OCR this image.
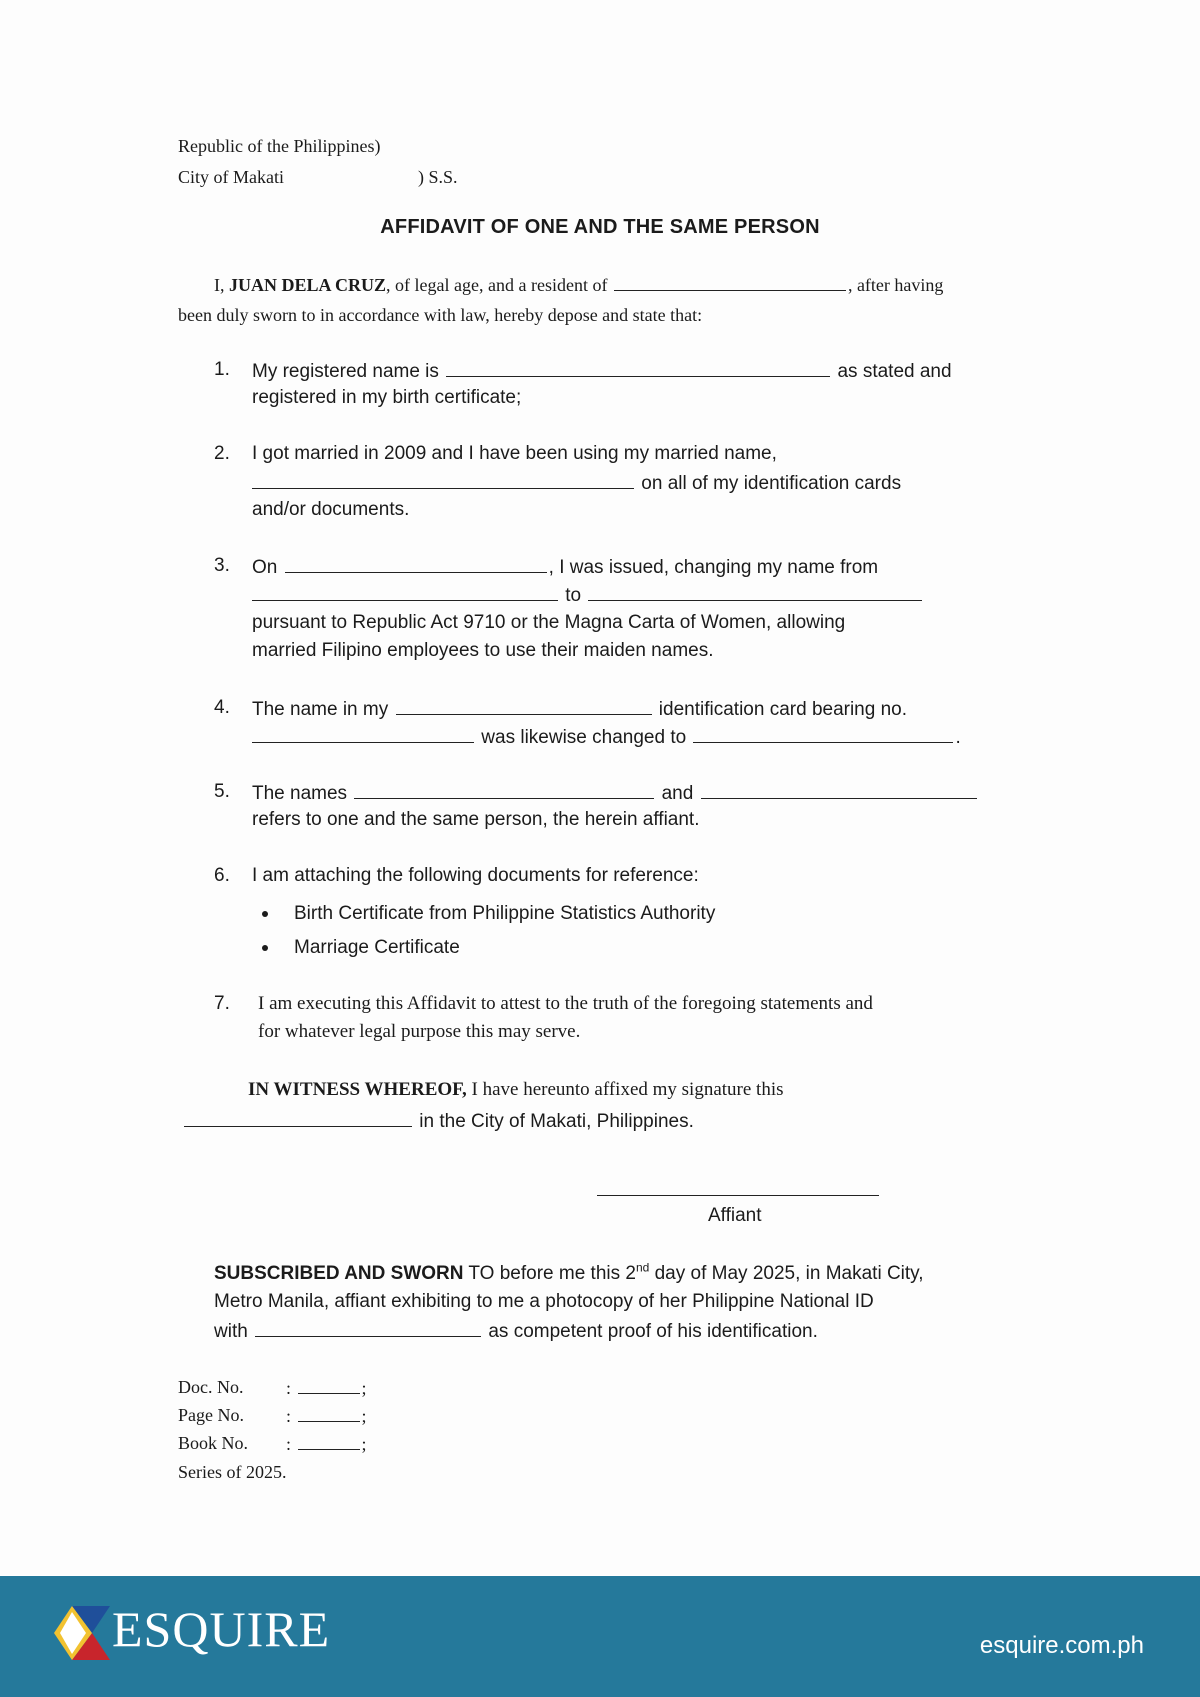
Republic of the Philippines)
City of Makati	) S.S.
AFFIDAVIT OF ONE AND THE SAME PERSON
I, JUAN DELA CRUZ, of legal age, and a resident of	, after having
been duly sworn to in accordance with law, hereby depose and state that:
1. My registered name is	as stated and
registered in my birth certificate;
2. I got married in 2009 and I have been using my married name,
on all of my identification cards
and/or documents.
3. On	, I was issued, changing my name from
to
pursuant to Republic Act 9710 or the Magna Carta of Women, allowing
married Filipino employees to use their maiden names.
4. The name in my	identification card bearing no.
was likewise changed to	.
5. The names	and
refers to one and the same person, the herein affiant.
6. I am attaching the following documents for reference:
Birth Certificate from Philippine Statistics Authority
Marriage Certificate
7. I am executing this Affidavit to attest to the truth of the foregoing statements and
for whatever legal purpose this may serve.
IN WITNESS WHEREOF, I have hereunto affixed my signature this
in the City of Makati, Philippines.
Affiant
SUBSCRIBED AND SWORN TO before me this 2nd day of May 2025, in Makati City,
Metro Manila, affiant exhibiting to me a photocopy of her Philippine National ID
with	as competent proof of his identification.
Doc. No. :	;
Page No. :	;
Book No. :	;
Series of 2025.
ESQUIRE	esquire.com.ph
